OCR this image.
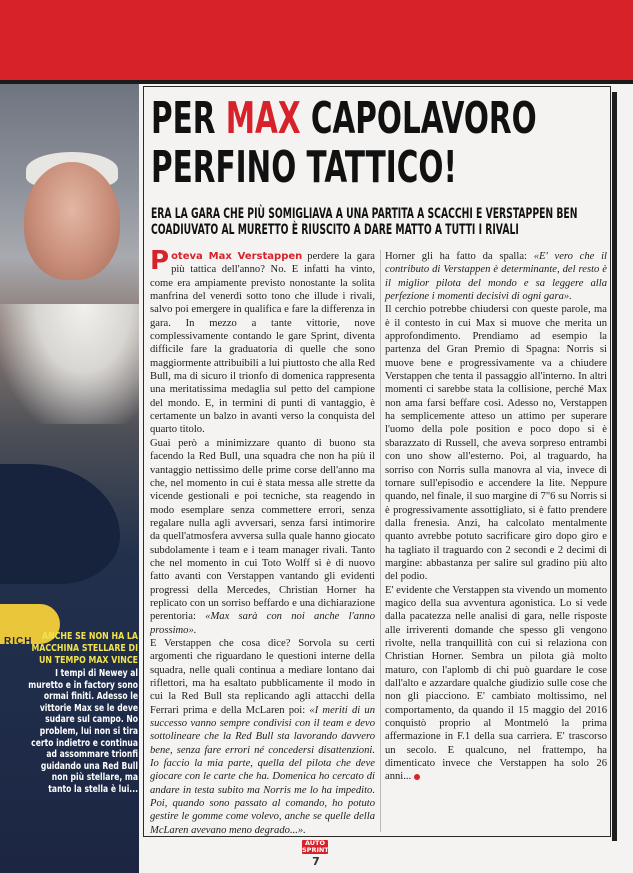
RICH ANCHE SE NON HA LA MACCHINA STELLARE DI UN TEMPO MAX VINCE
I tempi di Newey al muretto e in factory sono ormai finiti. Adesso le vittorie Max se le deve sudare sul campo. No problem, lui non si tira certo indietro e continua ad assommare trionfi guidando una Red Bull non più stellare, ma tanto la stella è lui...
PER MAX CAPOLAVORO
PERFINO TATTICO!
ERA LA GARA CHE PIÙ SOMIGLIAVA A UNA PARTITA A SCACCHI E VERSTAPPEN BEN COADIUVATO AL MURETTO È RIUSCITO A DARE MATTO A TUTTI I RIVALI

Poteva Max Verstappen perdere la gara più tattica dell'anno? No. E infatti ha vinto, come era ampiamente previsto nonostante la solita manfrina del venerdì sotto tono che illude i rivali, salvo poi emergere in qualifica e fare la differenza in gara. In mezzo a tante vittorie, nove complessivamente contando le gare Sprint, diventa difficile fare la graduatoria di quelle che sono maggiormente attribuibili a lui piuttosto che alla Red Bull, ma di sicuro il trionfo di domenica rappresenta una meritatissima medaglia sul petto del campione del mondo. E, in termini di punti di vantaggio, è certamente un balzo in avanti verso la conquista del quarto titolo.

Guai però a minimizzare quanto di buono sta facendo la Red Bull, una squadra che non ha più il vantaggio nettissimo delle prime corse dell'anno ma che, nel momento in cui è stata messa alle strette da vicende gestionali e poi tecniche, sta reagendo in modo esemplare senza commettere errori, senza regalare nulla agli avversari, senza farsi intimorire da quell'atmosfera avversa sulla quale hanno giocato subdolamente i team e i team manager rivali. Tanto che nel momento in cui Toto Wolff si è di nuovo fatto avanti con Verstappen vantando gli evidenti progressi della Mercedes, Christian Horner ha replicato con un sorriso beffardo e una dichiarazione perentoria: «Max sarà con noi anche l'anno prossimo».

E Verstappen che cosa dice? Sorvola su certi argomenti che riguardano le questioni interne della squadra, nelle quali continua a mediare lontano dai riflettori, ma ha esaltato pubblicamente il modo in cui la Red Bull sta replicando agli attacchi della Ferrari prima e della McLaren poi: «I meriti di un successo vanno sempre condivisi con il team e devo sottolineare che la Red Bull sta lavorando davvero bene, senza fare errori né concedersi disattenzioni. Io faccio la mia parte, quella del pilota che deve giocare con le carte che ha. Domenica ho cercato di andare in testa subito ma Norris me lo ha impedito. Poi, quando sono passato al comando, ho potuto gestire le gomme come volevo, anche se quelle della McLaren avevano meno degrado...».

Horner gli ha fatto da spalla: «E' vero che il contributo di Verstappen è determinante, del resto è il miglior pilota del mondo e sa leggere alla perfezione i momenti decisivi di ogni gara».

Il cerchio potrebbe chiudersi con queste parole, ma è il contesto in cui Max si muove che merita un approfondimento. Prendiamo ad esempio la partenza del Gran Premio di Spagna: Norris si muove bene e progressivamente va a chiudere Verstappen che tenta il passaggio all'interno. In altri momenti ci sarebbe stata la collisione, perché Max non ama farsi beffare così. Adesso no, Verstappen ha semplicemente atteso un attimo per superare l'uomo della pole position e poco dopo si è sbarazzato di Russell, che aveva sorpreso entrambi con uno show all'esterno. Poi, al traguardo, ha sorriso con Norris sulla manovra al via, invece di tornare sull'episodio e accendere la lite. Neppure quando, nel finale, il suo margine di 7"6 su Norris si è progressivamente assottigliato, si è fatto prendere dalla frenesia. Anzi, ha calcolato mentalmente quanto avrebbe potuto sacrificare giro dopo giro e ha tagliato il traguardo con 2 secondi e 2 decimi di margine: abbastanza per salire sul gradino più alto del podio.

E' evidente che Verstappen sta vivendo un momento magico della sua avventura agonistica. Lo si vede dalla pacatezza nelle analisi di gara, nelle risposte alle irriverenti domande che spesso gli vengono rivolte, nella tranquillità con cui si relaziona con Christian Horner. Sembra un pilota già molto maturo, con l'aplomb di chi può guardare le cose dall'alto e azzardare qualche giudizio sulle cose che non gli piacciono. E' cambiato moltissimo, nel comportamento, da quando il 15 maggio del 2016 conquistò proprio al Montmeló la prima affermazione in F.1 della sua carriera. E' trascorso un secolo. E qualcuno, nel frattempo, ha dimenticato invece che Verstappen ha solo 26 anni...

AUTO SPRINT
7
